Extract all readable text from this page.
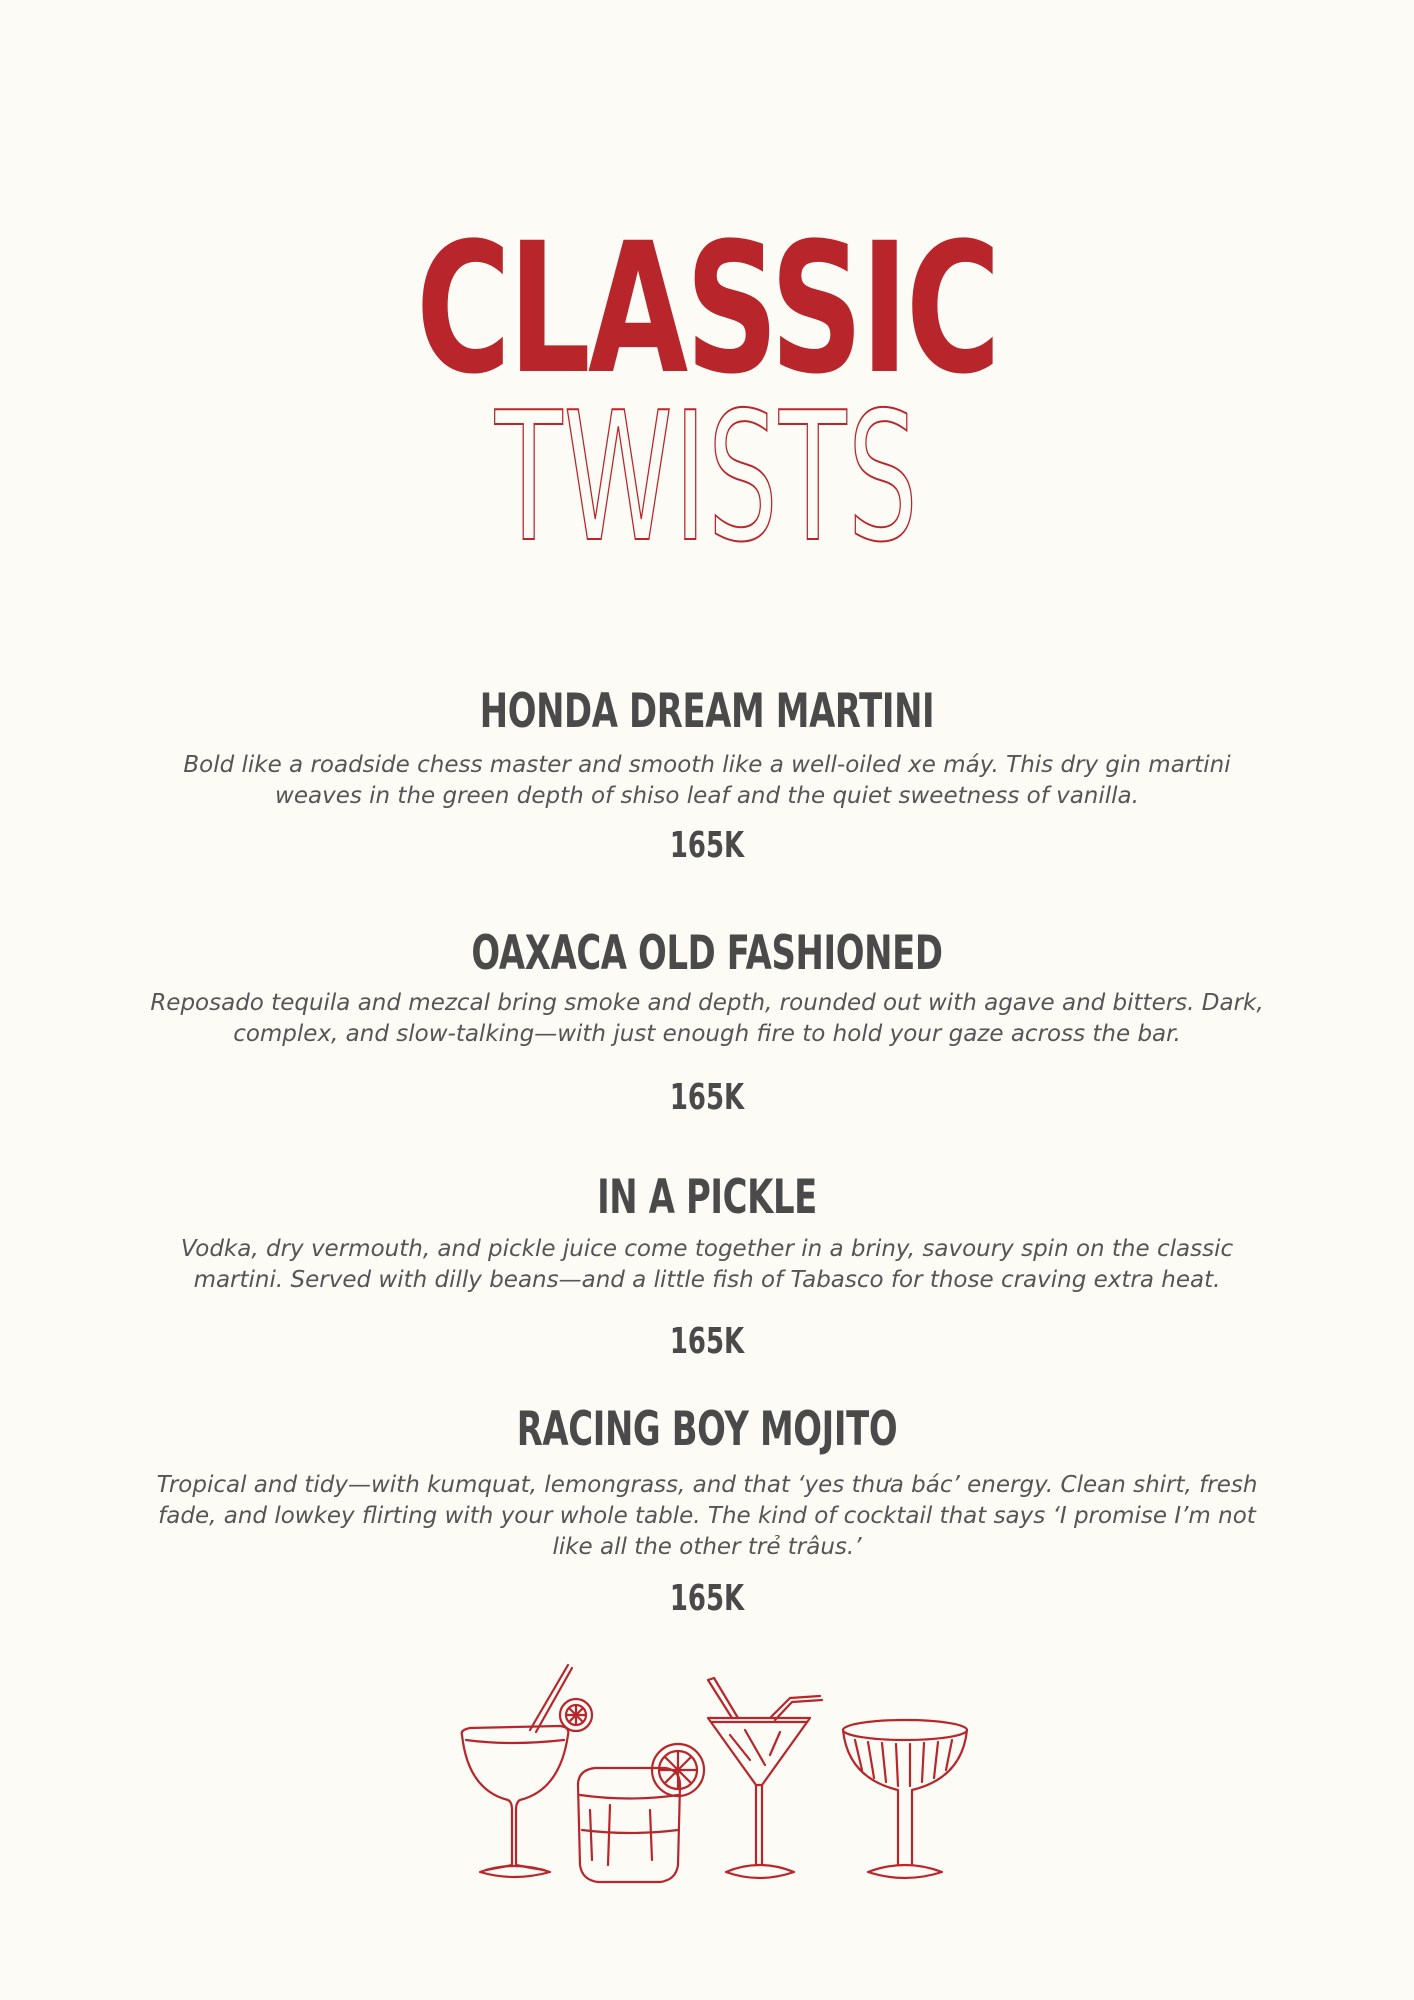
CLASSIC
TWISTS
HONDA DREAM MARTINI

Bold like a roadside chess master and smooth like a well-oiled xe máy. This dry gin martini weaves in the green depth of shiso leaf and the quiet sweetness of vanilla.

165K

OAXACA OLD FASHIONED

Reposado tequila and mezcal bring smoke and depth, rounded out with agave and bitters. Dark, complex, and slow-talking—with just enough fire to hold your gaze across the bar.

165K

IN A PICKLE

Vodka, dry vermouth, and pickle juice come together in a briny, savoury spin on the classic martini. Served with dilly beans—and a little fish of Tabasco for those craving extra heat.

165K

RACING BOY MOJITO

Tropical and tidy—with kumquat, lemongrass, and that ‘yes thưa bác’ energy. Clean shirt, fresh fade, and lowkey flirting with your whole table. The kind of cocktail that says ‘I promise I’m not like all the other trẻ trâus.’

165K
